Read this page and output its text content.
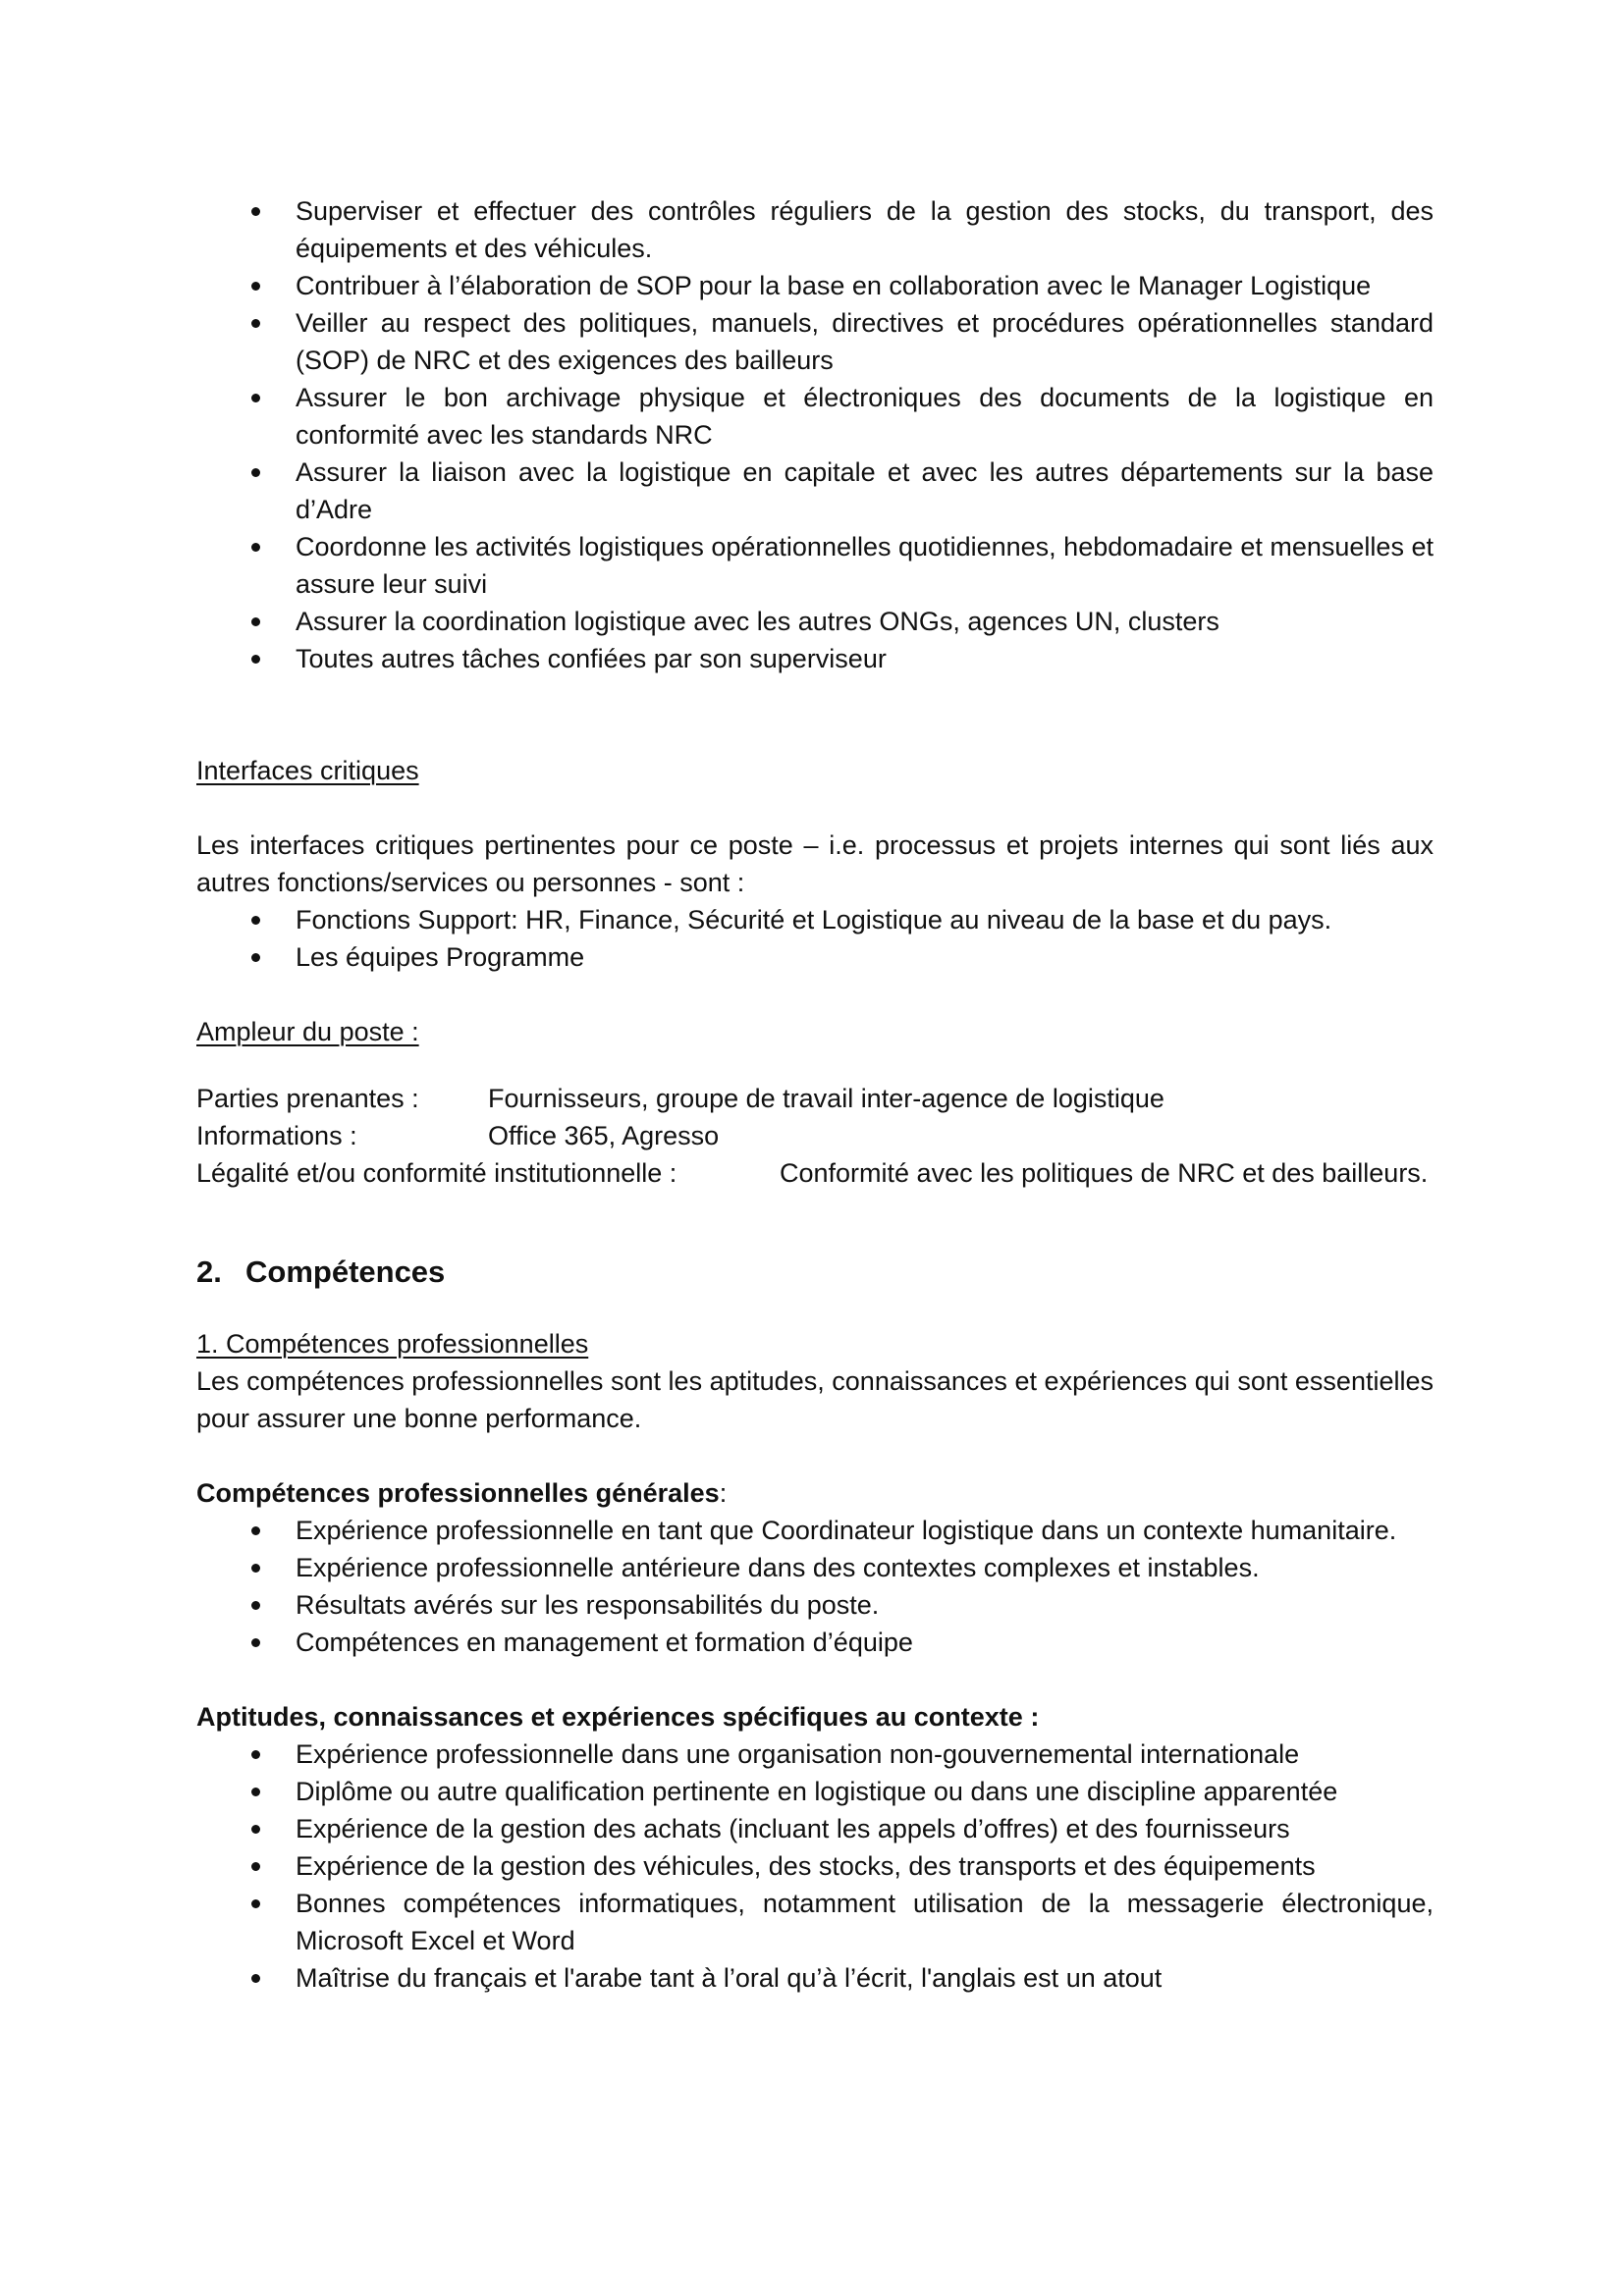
Superviser et effectuer des contrôles réguliers de la gestion des stocks, du transport, des équipements et des véhicules.
Contribuer à l’élaboration de SOP pour la base en collaboration avec le Manager Logistique
Veiller au respect des politiques, manuels, directives et procédures opérationnelles standard (SOP) de NRC et des exigences des bailleurs
Assurer le bon archivage physique et électroniques des documents de la logistique en conformité avec les standards NRC
Assurer la liaison avec la logistique en capitale et avec les autres départements sur la base d’Adre
Coordonne les activités logistiques opérationnelles quotidiennes, hebdomadaire et mensuelles et assure leur suivi
Assurer la coordination logistique avec les autres ONGs, agences UN, clusters
Toutes autres tâches confiées par son superviseur

Interfaces critiques

Les interfaces critiques pertinentes pour ce poste – i.e. processus et projets internes qui sont liés aux autres fonctions/services ou personnes - sont :

Fonctions Support: HR, Finance, Sécurité et Logistique au niveau de la base et du pays.
Les équipes Programme

Ampleur du poste :

Parties prenantes :	Fournisseurs, groupe de travail inter-agence de logistique
Informations :	Office 365, Agresso
Légalité et/ou conformité institutionnelle :	Conformité avec les politiques de NRC et des bailleurs.
2. Compétences

1. Compétences professionnelles

Les compétences professionnelles sont les aptitudes, connaissances et expériences qui sont essentielles pour assurer une bonne performance.

Compétences professionnelles générales:

Expérience professionnelle en tant que Coordinateur logistique dans un contexte humanitaire.
Expérience professionnelle antérieure dans des contextes complexes et instables.
Résultats avérés sur les responsabilités du poste.
Compétences en management et formation d’équipe

Aptitudes, connaissances et expériences spécifiques au contexte :

Expérience professionnelle dans une organisation non-gouvernemental internationale
Diplôme ou autre qualification pertinente en logistique ou dans une discipline apparentée
Expérience de la gestion des achats (incluant les appels d’offres) et des fournisseurs
Expérience de la gestion des véhicules, des stocks, des transports et des équipements
Bonnes compétences informatiques, notamment utilisation de la messagerie électronique, Microsoft Excel et Word
Maîtrise du français et l'arabe tant à l’oral qu’à l’écrit, l'anglais est un atout
